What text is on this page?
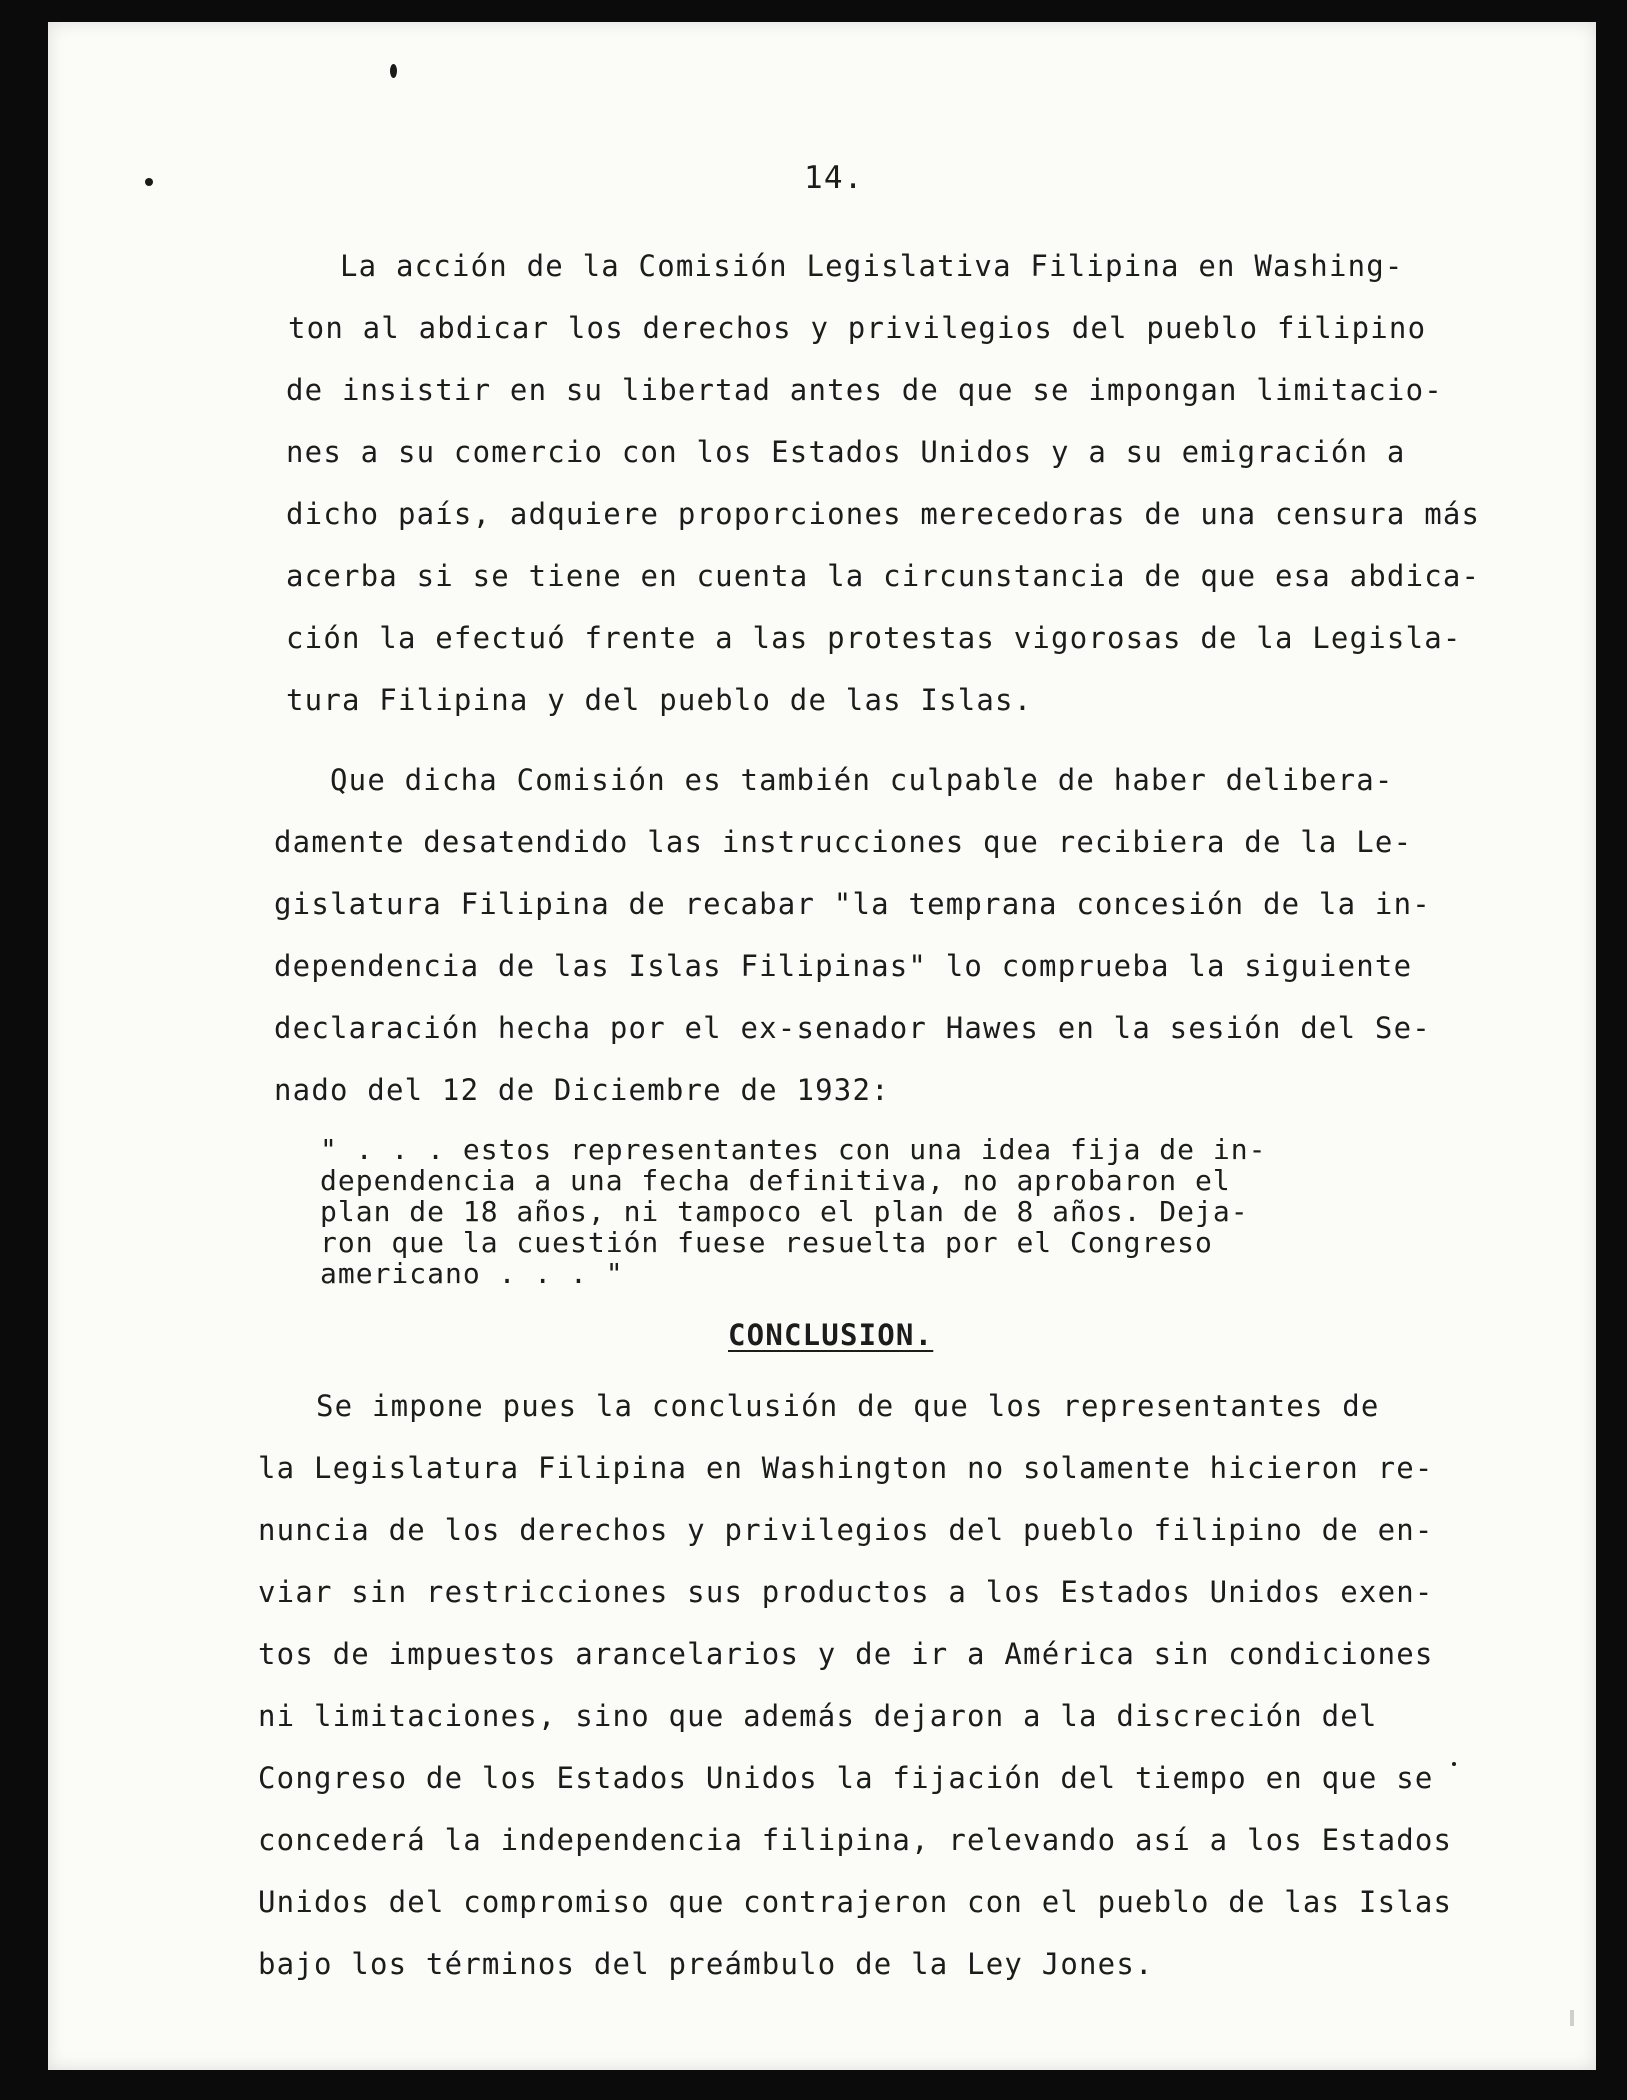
14.
La acción de la Comisión Legislativa Filipina en Washing-
ton al abdicar los derechos y privilegios del pueblo filipino
de insistir en su libertad antes de que se impongan limitacio-
nes a su comercio con los Estados Unidos y a su emigración a
dicho país, adquiere proporciones merecedoras de una censura más
acerba si se tiene en cuenta la circunstancia de que esa abdica-
ción la efectuó frente a las protestas vigorosas de la Legisla-
tura Filipina y del pueblo de las Islas.
Que dicha Comisión es también culpable de haber delibera-
damente desatendido las instrucciones que recibiera de la Le-
gislatura Filipina de recabar "la temprana concesión de la in-
dependencia de las Islas Filipinas" lo comprueba la siguiente
declaración hecha por el ex-senador Hawes en la sesión del Se-
nado del 12 de Diciembre de 1932:
" . . . estos representantes con una idea fija de in-
dependencia a una fecha definitiva, no aprobaron el
plan de 18 años, ni tampoco el plan de 8 años. Deja-
ron que la cuestión fuese resuelta por el Congreso
americano . . . "
CONCLUSION.
Se impone pues la conclusión de que los representantes de
la Legislatura Filipina en Washington no solamente hicieron re-
nuncia de los derechos y privilegios del pueblo filipino de en-
viar sin restricciones sus productos a los Estados Unidos exen-
tos de impuestos arancelarios y de ir a América sin condiciones
ni limitaciones, sino que además dejaron a la discreción del
Congreso de los Estados Unidos la fijación del tiempo en que se
concederá la independencia filipina, relevando así a los Estados
Unidos del compromiso que contrajeron con el pueblo de las Islas
bajo los términos del preámbulo de la Ley Jones.
